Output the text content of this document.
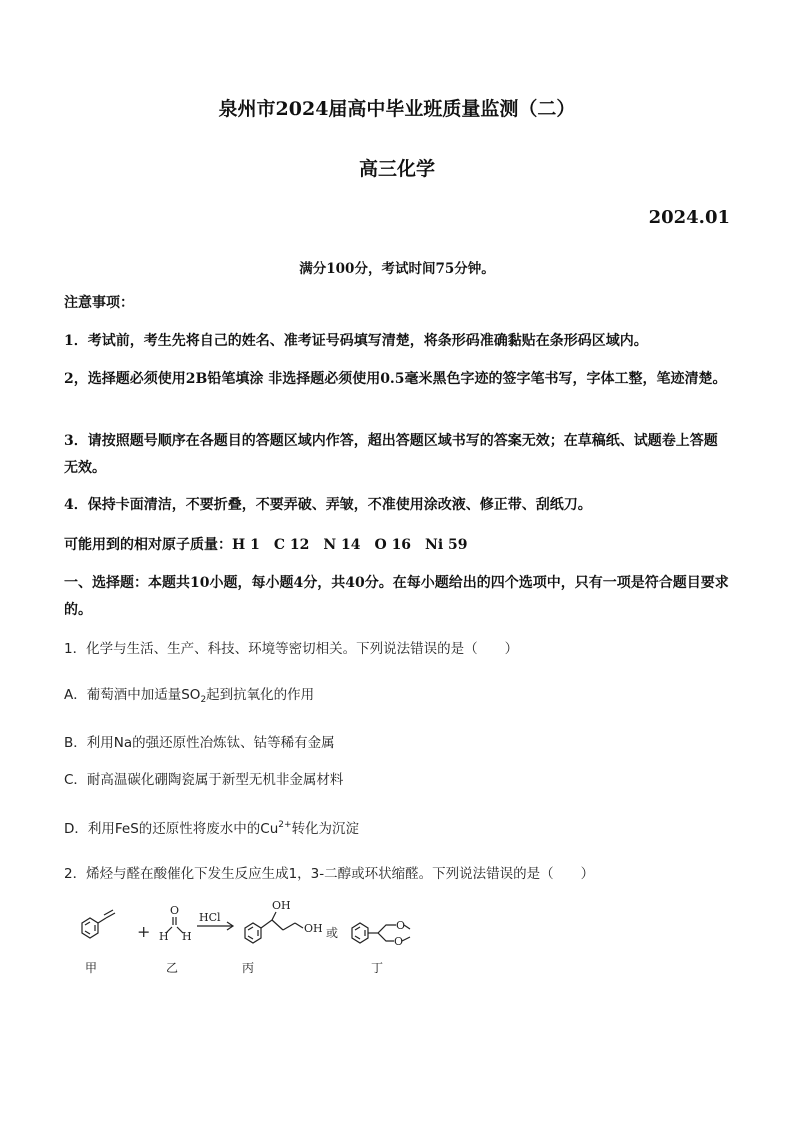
泉州市2024届高中毕业班质量监测（二）
高三化学
2024.01
满分100分，考试时间75分钟。
注意事项：
1．考试前，考生先将自己的姓名、准考证号码填写清楚，将条形码准确黏贴在条形码区域内。
2，选择题必须使用2B铅笔填涂 非选择题必须使用0.5毫米黑色字迹的签字笔书写，字体工整，笔迹清楚。
3．请按照题号顺序在各题目的答题区域内作答，超出答题区域书写的答案无效；在草稿纸、试题卷上答题无效。
4．保持卡面清洁，不要折叠，不要弄破、弄皱，不准使用涂改液、修正带、刮纸刀。
可能用到的相对原子质量：H 1　C 12　N 14　O 16　Ni 59
一、选择题：本题共10小题，每小题4分，共40分。在每小题给出的四个选项中，只有一项是符合题目要求的。
1．化学与生活、生产、科技、环境等密切相关。下列说法错误的是（　　）
A．葡萄酒中加适量$SO_2$起到抗氧化的作用
B．利用Na的强还原性冶炼钛、钴等稀有金属
C．耐高温碳化硼陶瓷属于新型无机非金属材料
D．利用FeS的还原性将废水中的$Cu^{2+}$转化为沉淀
2．烯烃与醛在酸催化下发生反应生成1，3-二醇或环状缩醛。下列说法错误的是（　　）
+
O
H H
HCl
OH
OH 或
O
O
甲	乙	丙	丁
